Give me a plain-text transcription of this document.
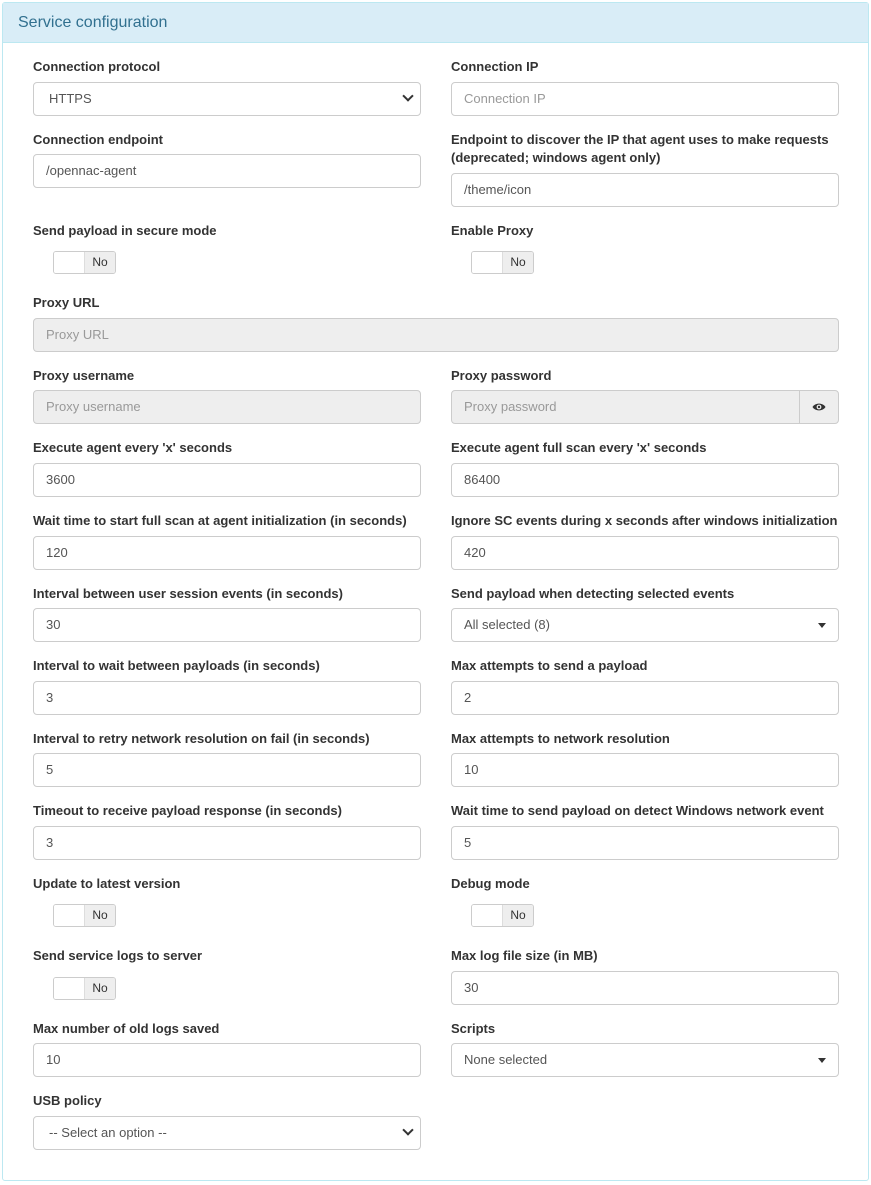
Service configuration
Connection protocol
HTTPS
Connection IP
Connection IP
Connection endpoint
/opennac-agent
Endpoint to discover the IP that agent uses to make requests
(deprecated; windows agent only)
/theme/icon
Send payload in secure mode
No
Enable Proxy
No
Proxy URL
Proxy URL
Proxy username
Proxy username
Proxy password
Proxy password
Execute agent every 'x' seconds
3600
Execute agent full scan every 'x' seconds
86400
Wait time to start full scan at agent initialization (in seconds)
120
Ignore SC events during x seconds after windows initialization
420
Interval between user session events (in seconds)
30
Send payload when detecting selected events
All selected (8)
Interval to wait between payloads (in seconds)
3
Max attempts to send a payload
2
Interval to retry network resolution on fail (in seconds)
5
Max attempts to network resolution
10
Timeout to receive payload response (in seconds)
3
Wait time to send payload on detect Windows network event
5
Update to latest version
No
Debug mode
No
Send service logs to server
No
Max log file size (in MB)
30
Max number of old logs saved
10
Scripts
None selected
USB policy
-- Select an option --
